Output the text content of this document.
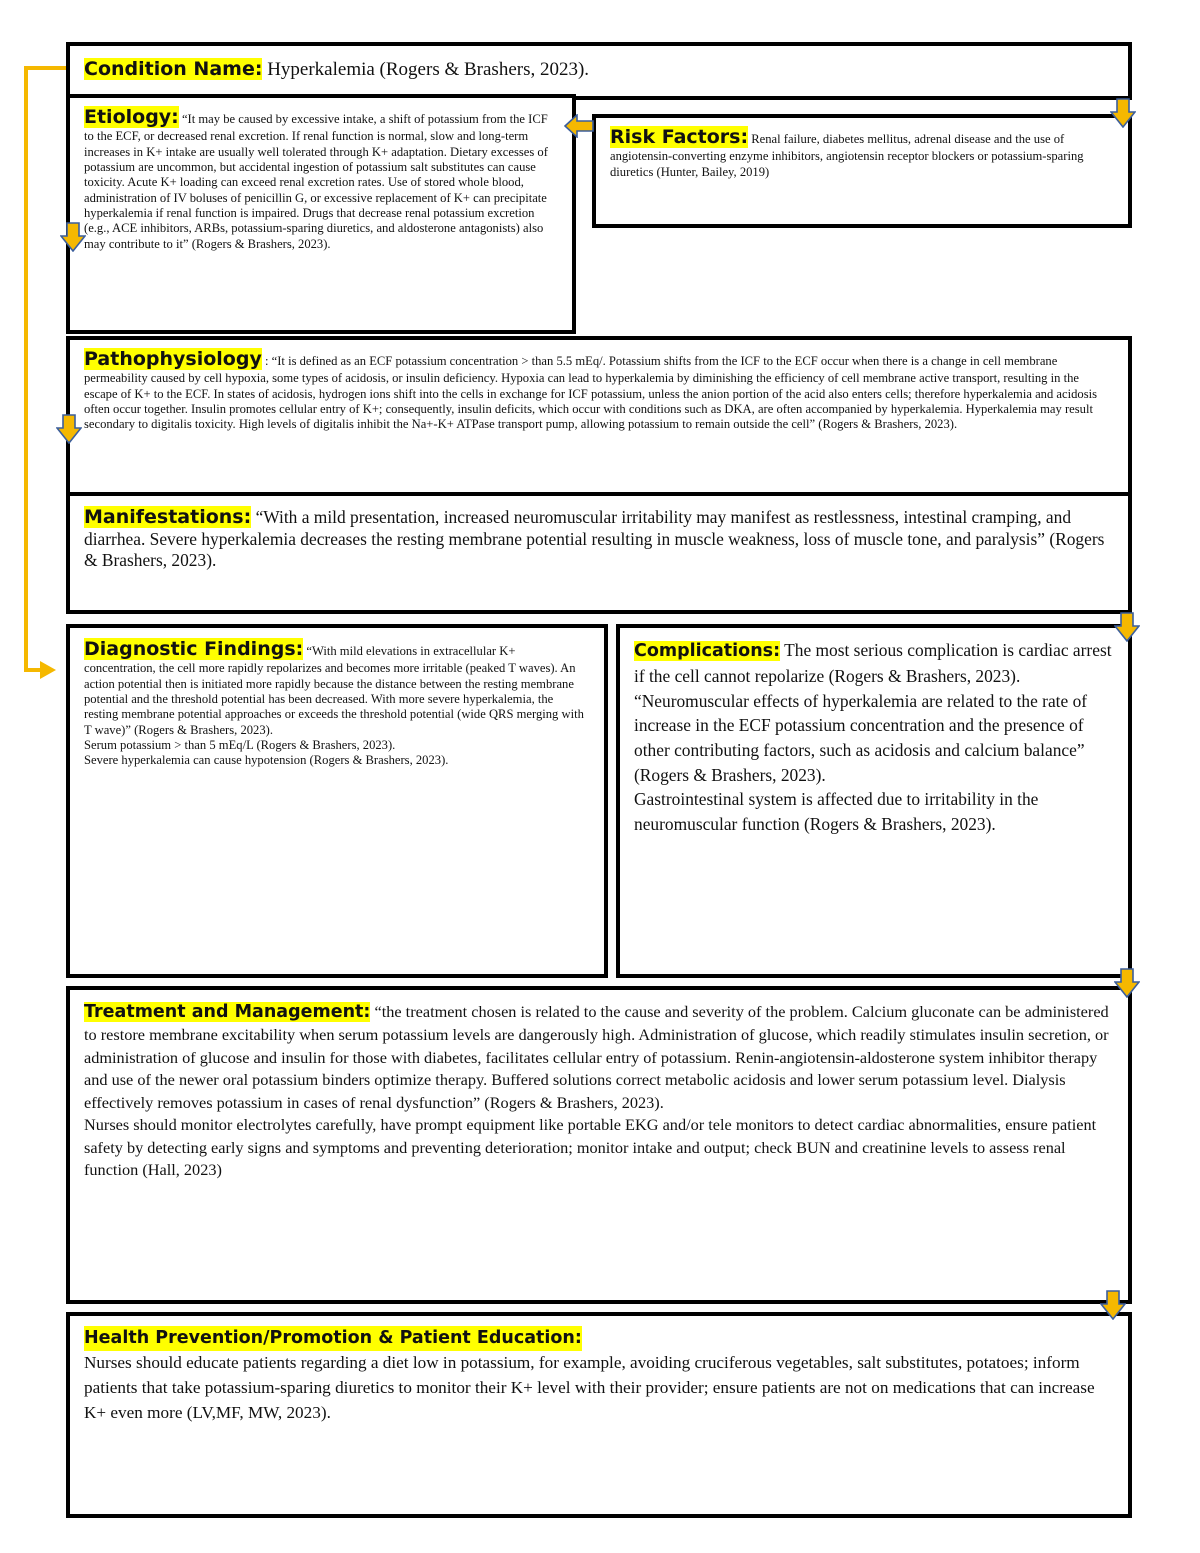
Condition Name: Hyperkalemia (Rogers & Brashers, 2023).
Etiology: “It may be caused by excessive intake, a shift of potassium from the ICF to the ECF, or decreased renal excretion. If renal function is normal, slow and long-term increases in K+ intake are usually well tolerated through K+ adaptation. Dietary excesses of potassium are uncommon, but accidental ingestion of potassium salt substitutes can cause toxicity. Acute K+ loading can exceed renal excretion rates. Use of stored whole blood, administration of IV boluses of penicillin G, or excessive replacement of K+ can precipitate hyperkalemia if renal function is impaired. Drugs that decrease renal potassium excretion (e.g., ACE inhibitors, ARBs, potassium-sparing diuretics, and aldosterone antagonists) also may contribute to it” (Rogers & Brashers, 2023).
Risk Factors: Renal failure, diabetes mellitus, adrenal disease and the use of angiotensin-converting enzyme inhibitors, angiotensin receptor blockers or potassium-sparing diuretics (Hunter, Bailey, 2019)
Pathophysiology : “It is defined as an ECF potassium concentration > than 5.5 mEq/. Potassium shifts from the ICF to the ECF occur when there is a change in cell membrane permeability caused by cell hypoxia, some types of acidosis, or insulin deficiency. Hypoxia can lead to hyperkalemia by diminishing the efficiency of cell membrane active transport, resulting in the escape of K+ to the ECF. In states of acidosis, hydrogen ions shift into the cells in exchange for ICF potassium, unless the anion portion of the acid also enters cells; therefore hyperkalemia and acidosis often occur together. Insulin promotes cellular entry of K+; consequently, insulin deficits, which occur with conditions such as DKA, are often accompanied by hyperkalemia. Hyperkalemia may result secondary to digitalis toxicity. High levels of digitalis inhibit the Na+-K+ ATPase transport pump, allowing potassium to remain outside the cell” (Rogers & Brashers, 2023).
Manifestations: “With a mild presentation, increased neuromuscular irritability may manifest as restlessness, intestinal cramping, and diarrhea. Severe hyperkalemia decreases the resting membrane potential resulting in muscle weakness, loss of muscle tone, and paralysis” (Rogers & Brashers, 2023).
Diagnostic Findings: “With mild elevations in extracellular K+ concentration, the cell more rapidly repolarizes and becomes more irritable (peaked T waves). An action potential then is initiated more rapidly because the distance between the resting membrane potential and the threshold potential has been decreased. With more severe hyperkalemia, the resting membrane potential approaches or exceeds the threshold potential (wide QRS merging with T wave)” (Rogers & Brashers, 2023).
Serum potassium > than 5 mEq/L (Rogers & Brashers, 2023).
Severe hyperkalemia can cause hypotension (Rogers & Brashers, 2023).
Complications: The most serious complication is cardiac arrest if the cell cannot repolarize (Rogers & Brashers, 2023).
“Neuromuscular effects of hyperkalemia are related to the rate of increase in the ECF potassium concentration and the presence of other contributing factors, such as acidosis and calcium balance” (Rogers & Brashers, 2023).
Gastrointestinal system is affected due to irritability in the neuromuscular function (Rogers & Brashers, 2023).
Treatment and Management: “the treatment chosen is related to the cause and severity of the problem. Calcium gluconate can be administered to restore membrane excitability when serum potassium levels are dangerously high. Administration of glucose, which readily stimulates insulin secretion, or administration of glucose and insulin for those with diabetes, facilitates cellular entry of potassium. Renin-angiotensin-aldosterone system inhibitor therapy and use of the newer oral potassium binders optimize therapy. Buffered solutions correct metabolic acidosis and lower serum potassium level. Dialysis effectively removes potassium in cases of renal dysfunction” (Rogers & Brashers, 2023).
Nurses should monitor electrolytes carefully, have prompt equipment like portable EKG and/or tele monitors to detect cardiac abnormalities, ensure patient safety by detecting early signs and symptoms and preventing deterioration; monitor intake and output; check BUN and creatinine levels to assess renal function (Hall, 2023)
Health Prevention/Promotion & Patient Education:
Nurses should educate patients regarding a diet low in potassium, for example, avoiding cruciferous vegetables, salt substitutes, potatoes; inform patients that take potassium-sparing diuretics to monitor their K+ level with their provider; ensure patients are not on medications that can increase K+ even more (LV,MF, MW, 2023).
